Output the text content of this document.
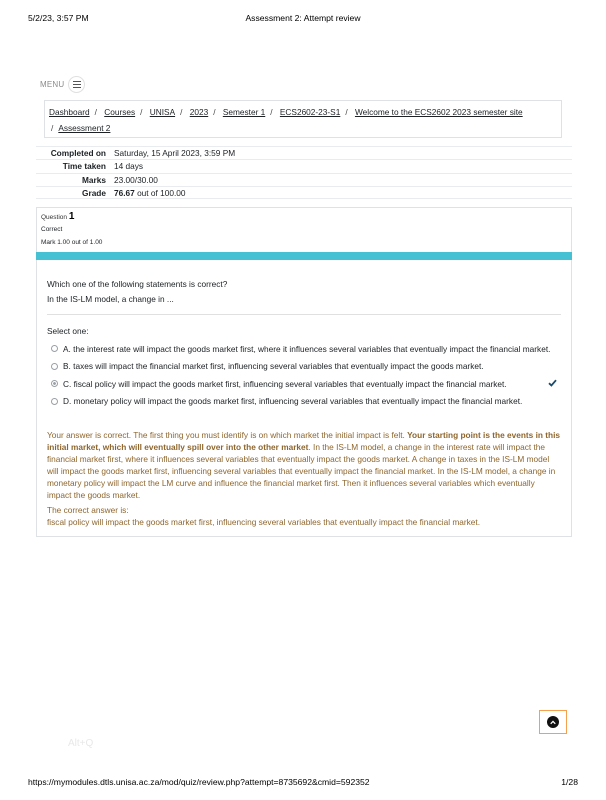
5/2/23, 3:57 PM	Assessment 2: Attempt review
MENU
Dashboard / Courses / UNISA / 2023 / Semester 1 / ECS2602-23-S1 / Welcome to the ECS2602 2023 semester site
/ Assessment 2
Completed on Saturday, 15 April 2023, 3:59 PM
Time taken 14 days
Marks 23.00/30.00
Grade 76.67 out of 100.00
Question 1
Correct
Mark 1.00 out of 1.00
Which one of the following statements is correct?
In the IS-LM model, a change in ...
Select one:
A. the interest rate will impact the goods market first, where it influences several variables that eventually impact the financial market.
B. taxes will impact the financial market first, influencing several variables that eventually impact the goods market.
C. fiscal policy will impact the goods market first, influencing several variables that eventually impact the financial market.
D. monetary policy will impact the goods market first, influencing several variables that eventually impact the financial market.
Your answer is correct. The first thing you must identify is on which market the initial impact is felt. Your starting point is the events in this initial market, which will eventually spill over into the other market. In the IS-LM model, a change in the interest rate will impact the financial market first, where it influences several variables that eventually impact the goods market. A change in taxes in the IS-LM model will impact the goods market first, influencing several variables that eventually impact the financial market. In the IS-LM model, a change in monetary policy will impact the LM curve and influence the financial market first. Then it influences several variables which eventually impact the goods market.
The correct answer is:
fiscal policy will impact the goods market first, influencing several variables that eventually impact the financial market.
Alt+Q
https://mymodules.dtls.unisa.ac.za/mod/quiz/review.php?attempt=8735692&cmid=592352	1/28
